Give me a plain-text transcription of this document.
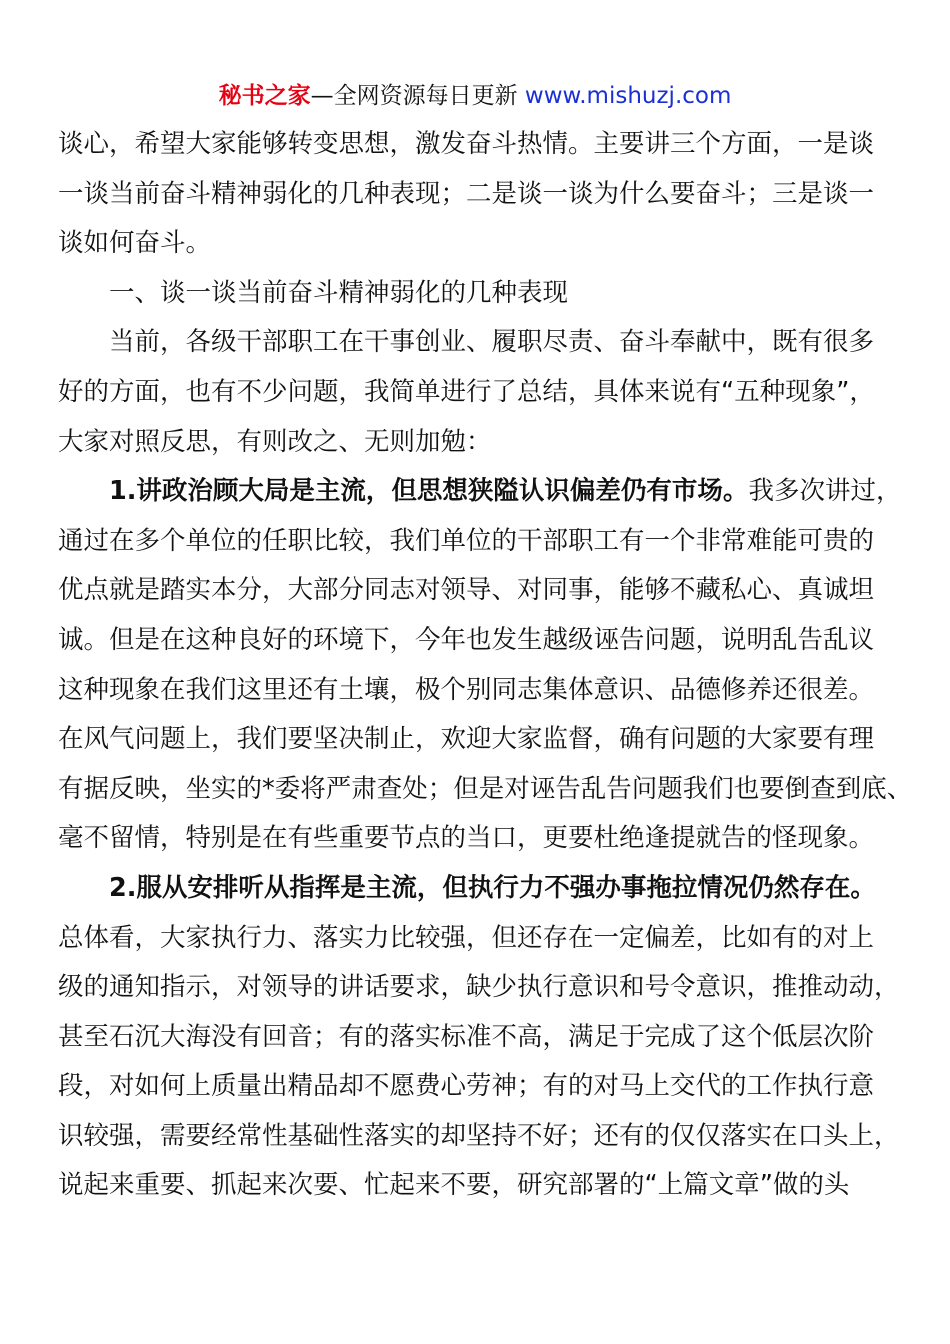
秘书之家—全网资源每日更新 www.mishuzj.com
谈心，希望大家能够转变思想，激发奋斗热情。主要讲三个方面，一是谈
一谈当前奋斗精神弱化的几种表现；二是谈一谈为什么要奋斗；三是谈一
谈如何奋斗。
一、谈一谈当前奋斗精神弱化的几种表现
当前，各级干部职工在干事创业、履职尽责、奋斗奉献中，既有很多
好的方面，也有不少问题，我简单进行了总结，具体来说有“五种现象”，
大家对照反思，有则改之、无则加勉：
1.讲政治顾大局是主流，但思想狭隘认识偏差仍有市场。我多次讲过，
通过在多个单位的任职比较，我们单位的干部职工有一个非常难能可贵的
优点就是踏实本分，大部分同志对领导、对同事，能够不藏私心、真诚坦
诚。但是在这种良好的环境下，今年也发生越级诬告问题，说明乱告乱议
这种现象在我们这里还有土壤，极个别同志集体意识、品德修养还很差。
在风气问题上，我们要坚决制止，欢迎大家监督，确有问题的大家要有理
有据反映，坐实的*委将严肃查处；但是对诬告乱告问题我们也要倒查到底、
毫不留情，特别是在有些重要节点的当口，更要杜绝逢提就告的怪现象。
2.服从安排听从指挥是主流，但执行力不强办事拖拉情况仍然存在。
总体看，大家执行力、落实力比较强，但还存在一定偏差，比如有的对上
级的通知指示，对领导的讲话要求，缺少执行意识和号令意识，推推动动，
甚至石沉大海没有回音；有的落实标准不高，满足于完成了这个低层次阶
段，对如何上质量出精品却不愿费心劳神；有的对马上交代的工作执行意
识较强，需要经常性基础性落实的却坚持不好；还有的仅仅落实在口头上，
说起来重要、抓起来次要、忙起来不要，研究部署的“上篇文章”做的头
